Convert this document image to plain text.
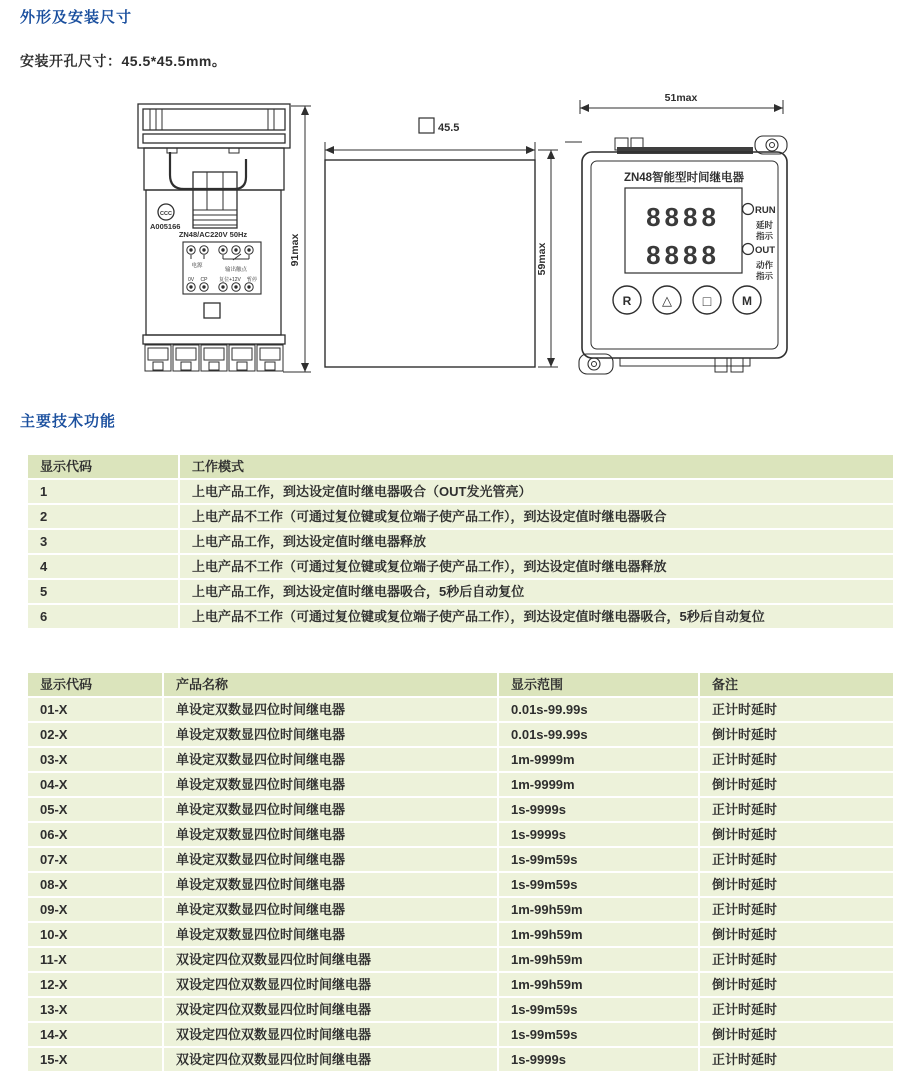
外形及安装尺寸
安装开孔尺寸：45.5*45.5mm。
CCC
A005166
ZN48/AC220V 50Hz
电源
输出触点
0V CP 复位+12V 暂停
91max
45.5
59max
51max
ZN48智能型时间继电器
8888
8888
RUN
延时
指示
OUT
动作
指示
R △ □	M
主要技术功能
显示代码	工作模式
1	上电产品工作，到达设定值时继电器吸合（OUT发光管亮）
2	上电产品不工作（可通过复位键或复位端子使产品工作），到达设定值时继电器吸合
3	上电产品工作，到达设定值时继电器释放
4	上电产品不工作（可通过复位键或复位端子使产品工作），到达设定值时继电器释放
5	上电产品工作，到达设定值时继电器吸合，5秒后自动复位
6	上电产品不工作（可通过复位键或复位端子使产品工作），到达设定值时继电器吸合，5秒后自动复位
显示代码	产品名称	显示范围	备注
01-X	单设定双数显四位时间继电器	0.01s-99.99s	正计时延时
02-X	单设定双数显四位时间继电器	0.01s-99.99s	倒计时延时
03-X	单设定双数显四位时间继电器	1m-9999m	正计时延时
04-X	单设定双数显四位时间继电器	1m-9999m	倒计时延时
05-X	单设定双数显四位时间继电器	1s-9999s	正计时延时
06-X	单设定双数显四位时间继电器	1s-9999s	倒计时延时
07-X	单设定双数显四位时间继电器	1s-99m59s	正计时延时
08-X	单设定双数显四位时间继电器	1s-99m59s	倒计时延时
09-X	单设定双数显四位时间继电器	1m-99h59m	正计时延时
10-X	单设定双数显四位时间继电器	1m-99h59m	倒计时延时
11-X	双设定四位双数显四位时间继电器	1m-99h59m	正计时延时
12-X	双设定四位双数显四位时间继电器	1m-99h59m	倒计时延时
13-X	双设定四位双数显四位时间继电器	1s-99m59s	正计时延时
14-X	双设定四位双数显四位时间继电器	1s-99m59s	倒计时延时
15-X	双设定四位双数显四位时间继电器	1s-9999s	正计时延时
